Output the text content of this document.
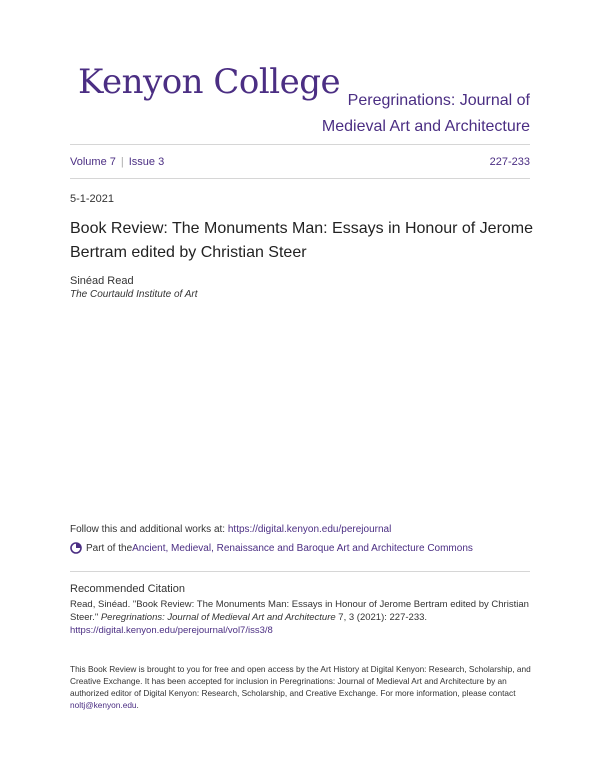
Kenyon College Peregrinations: Journal of
Medieval Art and Architecture
Volume 7 | Issue 3	227-233
5-1-2021
Book Review: The Monuments Man: Essays in Honour of Jerome Bertram edited by Christian Steer
Sinéad Read
The Courtauld Institute of Art
Follow this and additional works at: https://digital.kenyon.edu/perejournal
Part of the Ancient, Medieval, Renaissance and Baroque Art and Architecture Commons
Recommended Citation
Read, Sinéad. "Book Review: The Monuments Man: Essays in Honour of Jerome Bertram edited by Christian Steer." Peregrinations: Journal of Medieval Art and Architecture 7, 3 (2021): 227-233.
https://digital.kenyon.edu/perejournal/vol7/iss3/8
This Book Review is brought to you for free and open access by the Art History at Digital Kenyon: Research, Scholarship, and Creative Exchange. It has been accepted for inclusion in Peregrinations: Journal of Medieval Art and Architecture by an authorized editor of Digital Kenyon: Research, Scholarship, and Creative Exchange. For more information, please contact noltj@kenyon.edu.
